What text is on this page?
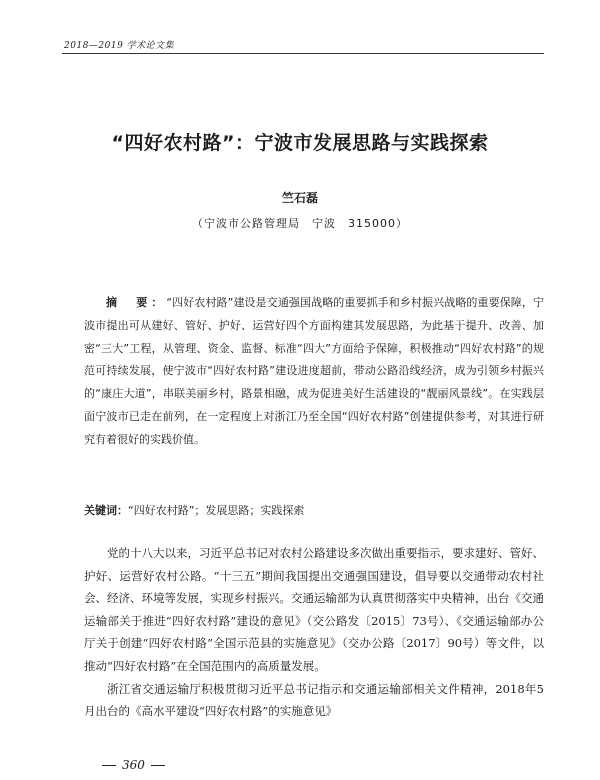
2018—2019 学术论文集
“四好农村路”：宁波市发展思路与实践探索
竺石磊
（宁波市公路管理局　宁波　315000）
摘　要：“四好农村路”建设是交通强国战略的重要抓手和乡村振兴战略的重要保障，宁波市提出可从建好、管好、护好、运营好四个方面构建其发展思路，为此基于提升、改善、加密“三大”工程，从管理、资金、监督、标准“四大”方面给予保障，积极推动“四好农村路”的规范可持续发展，使宁波市“四好农村路”建设进度超前，带动公路沿线经济，成为引领乡村振兴的“康庄大道”，串联美丽乡村，路景相融，成为促进美好生活建设的“靓丽风景线”。在实践层面宁波市已走在前列，在一定程度上对浙江乃至全国“四好农村路”创建提供参考，对其进行研究有着很好的实践价值。
关键词：“四好农村路”；发展思路；实践探索

党的十八大以来，习近平总书记对农村公路建设多次做出重要指示，要求建好、管好、护好、运营好农村公路。“十三五”期间我国提出交通强国建设，倡导要以交通带动农村社会、经济、环境等发展，实现乡村振兴。交通运输部为认真贯彻落实中央精神，出台《交通运输部关于推进“四好农村路”建设的意见》（交公路发〔2015〕73号）、《交通运输部办公厅关于创建“四好农村路”全国示范县的实施意见》（交办公路〔2017〕90号）等文件，以推动“四好农村路”在全国范围内的高质量发展。

浙江省交通运输厅积极贯彻习近平总书记指示和交通运输部相关文件精神，2018年5月出台的《高水平建设“四好农村路”的实施意见》

360
